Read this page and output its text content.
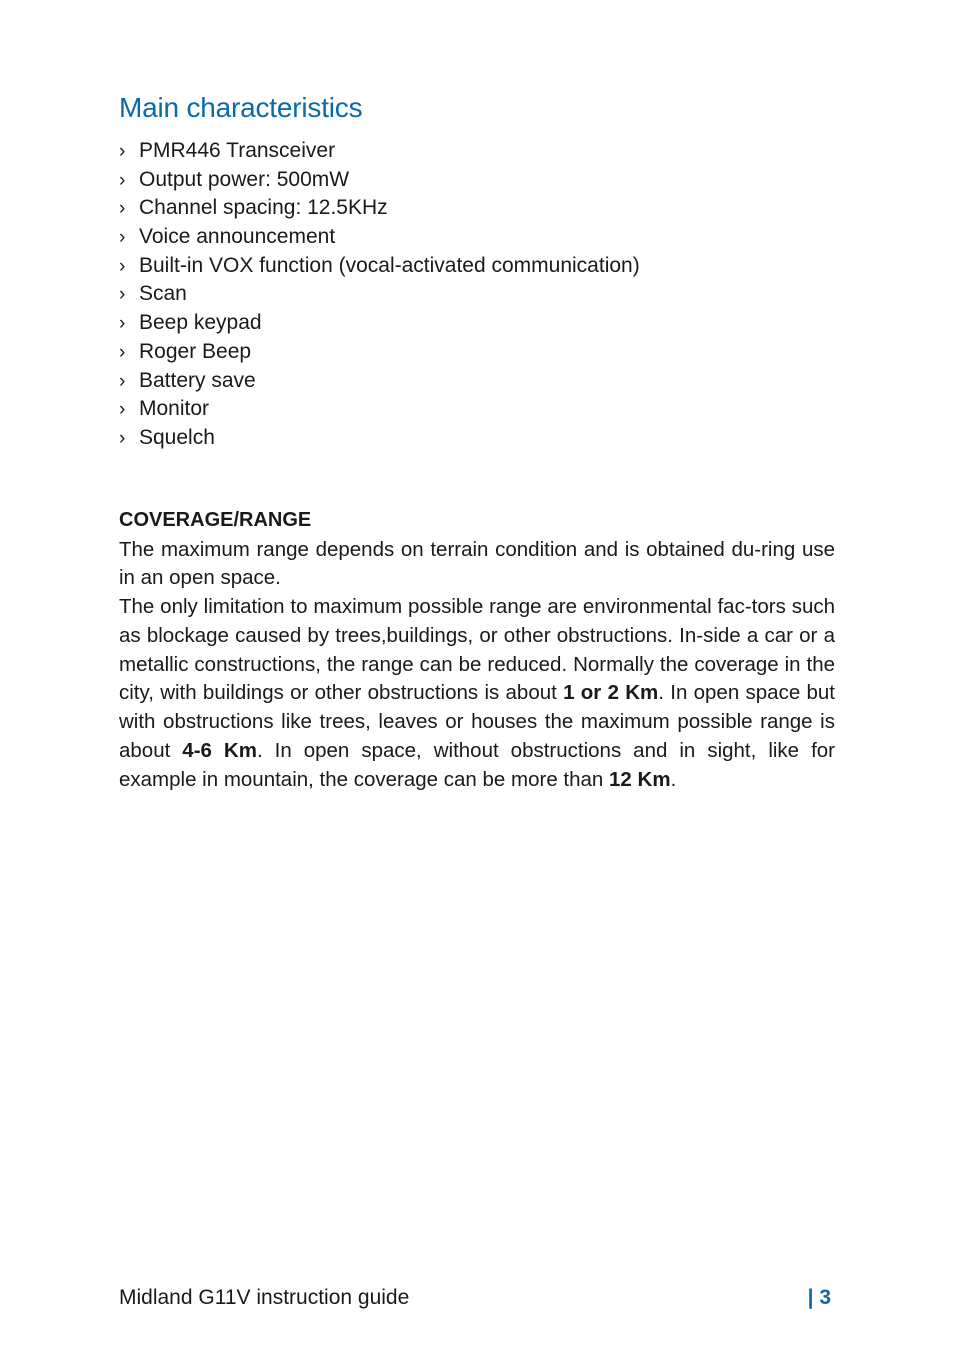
Main characteristics
› PMR446 Transceiver
› Output power: 500mW
› Channel spacing: 12.5KHz
› Voice announcement
› Built-in VOX function (vocal-activated communication)
› Scan
› Beep keypad
› Roger Beep
› Battery save
› Monitor
› Squelch
COVERAGE/RANGE

The maximum range depends on terrain condition and is obtained du-ring use in an open space.

The only limitation to maximum possible range are environmental fac-tors such as blockage caused by trees,buildings, or other obstructions. In-side a car or a metallic constructions, the range can be reduced. Normally the coverage in the city, with buildings or other obstructions is about 1 or 2 Km. In open space but with obstructions like trees, leaves or houses the maximum possible range is about 4-6 Km. In open space, without obstructions and in sight, like for example in mountain, the coverage can be more than 12 Km.

Midland G11V instruction guide	| 3
